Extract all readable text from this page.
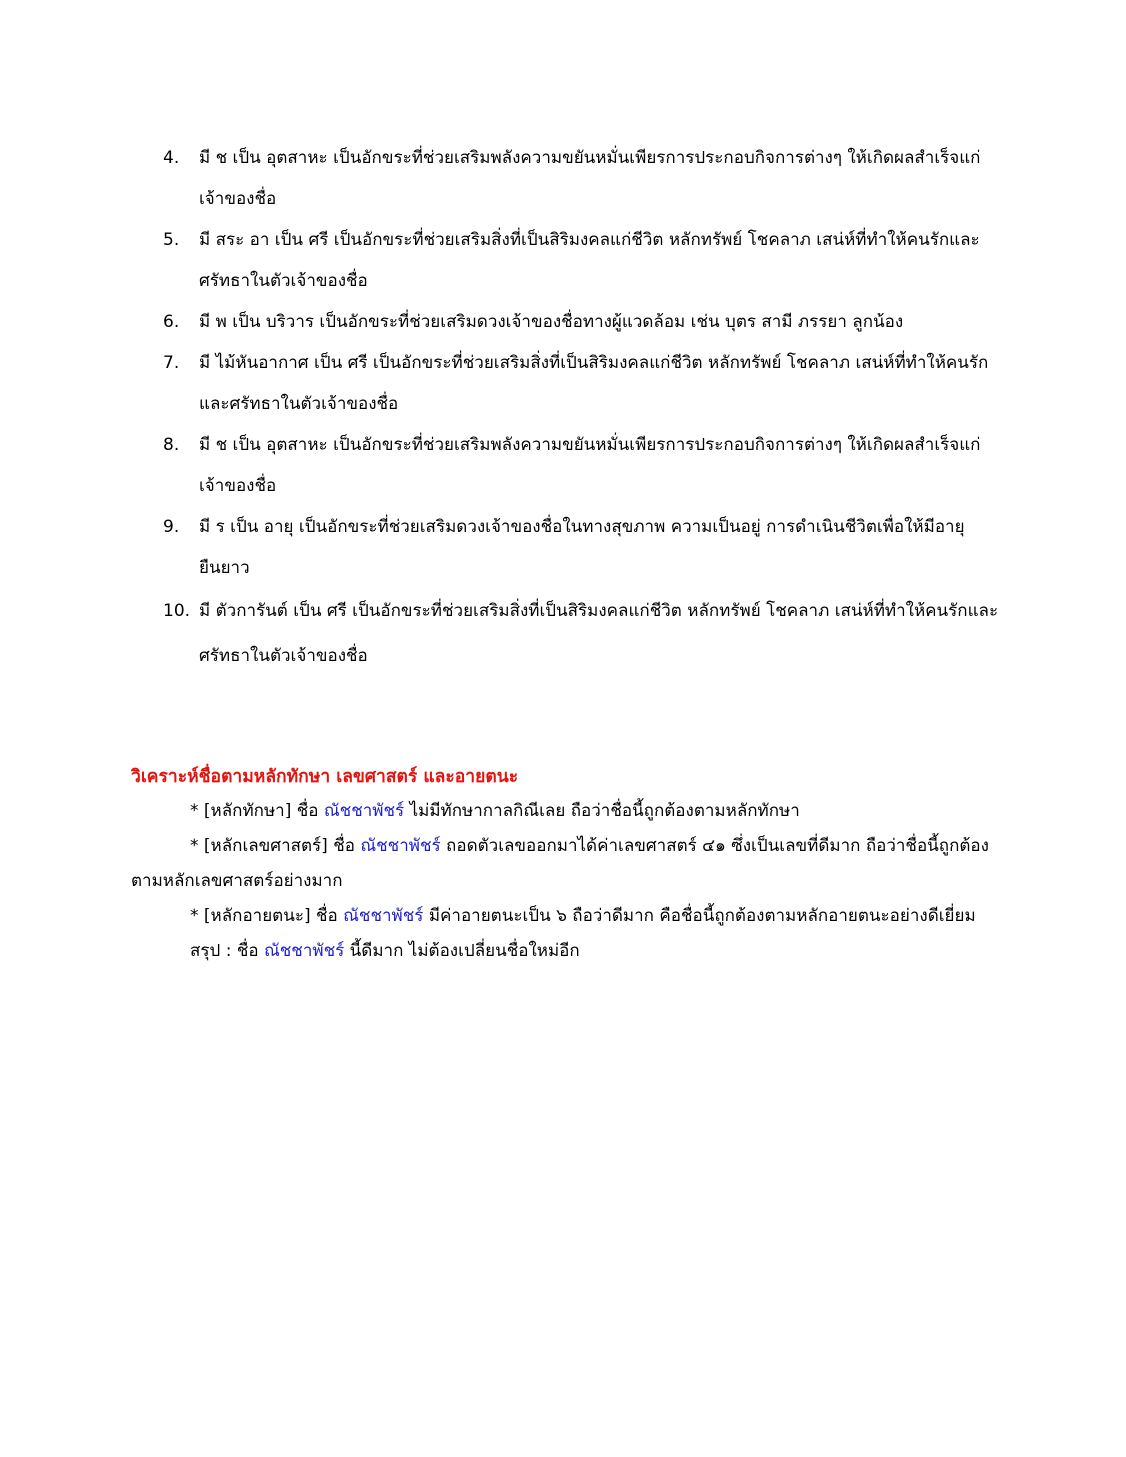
4.	มี ช เป็น อุตสาหะ เป็นอักขระที่ช่วยเสริมพลังความขยันหมั่นเพียรการประกอบกิจการต่างๆ ให้เกิดผลสำเร็จแก่เจ้าของชื่อ
5.	มี สระ อา เป็น ศรี เป็นอักขระที่ช่วยเสริมสิ่งที่เป็นสิริมงคลแก่ชีวิต หลักทรัพย์ โชคลาภ เสน่ห์ที่ทำให้คนรักและศรัทธาในตัวเจ้าของชื่อ
6.	มี พ เป็น บริวาร เป็นอักขระที่ช่วยเสริมดวงเจ้าของชื่อทางผู้แวดล้อม เช่น บุตร สามี ภรรยา ลูกน้อง
7.	มี ไม้หันอากาศ เป็น ศรี เป็นอักขระที่ช่วยเสริมสิ่งที่เป็นสิริมงคลแก่ชีวิต หลักทรัพย์ โชคลาภ เสน่ห์ที่ทำให้คนรักและศรัทธาในตัวเจ้าของชื่อ
8.	มี ช เป็น อุตสาหะ เป็นอักขระที่ช่วยเสริมพลังความขยันหมั่นเพียรการประกอบกิจการต่างๆ ให้เกิดผลสำเร็จแก่เจ้าของชื่อ
9.	มี ร เป็น อายุ เป็นอักขระที่ช่วยเสริมดวงเจ้าของชื่อในทางสุขภาพ ความเป็นอยู่ การดำเนินชีวิตเพื่อให้มีอายุยืนยาว
10. มี ตัวการันต์ เป็น ศรี เป็นอักขระที่ช่วยเสริมสิ่งที่เป็นสิริมงคลแก่ชีวิต หลักทรัพย์ โชคลาภ เสน่ห์ที่ทำให้คนรักและศรัทธาในตัวเจ้าของชื่อ

วิเคราะห์ชื่อตามหลักทักษา เลขศาสตร์ และอายตนะ

* [หลักทักษา] ชื่อ ณัชชาพัชร์ ไม่มีทักษากาลกิณีเลย ถือว่าชื่อนี้ถูกต้องตามหลักทักษา

* [หลักเลขศาสตร์] ชื่อ ณัชชาพัชร์ ถอดตัวเลขออกมาได้ค่าเลขศาสตร์ ๔๑ ซึ่งเป็นเลขที่ดีมาก ถือว่าชื่อนี้ถูกต้องตามหลักเลขศาสตร์อย่างมาก

* [หลักอายตนะ] ชื่อ ณัชชาพัชร์ มีค่าอายตนะเป็น ๖ ถือว่าดีมาก คือชื่อนี้ถูกต้องตามหลักอายตนะอย่างดีเยี่ยม

สรุป : ชื่อ ณัชชาพัชร์ นี้ดีมาก ไม่ต้องเปลี่ยนชื่อใหม่อีก
